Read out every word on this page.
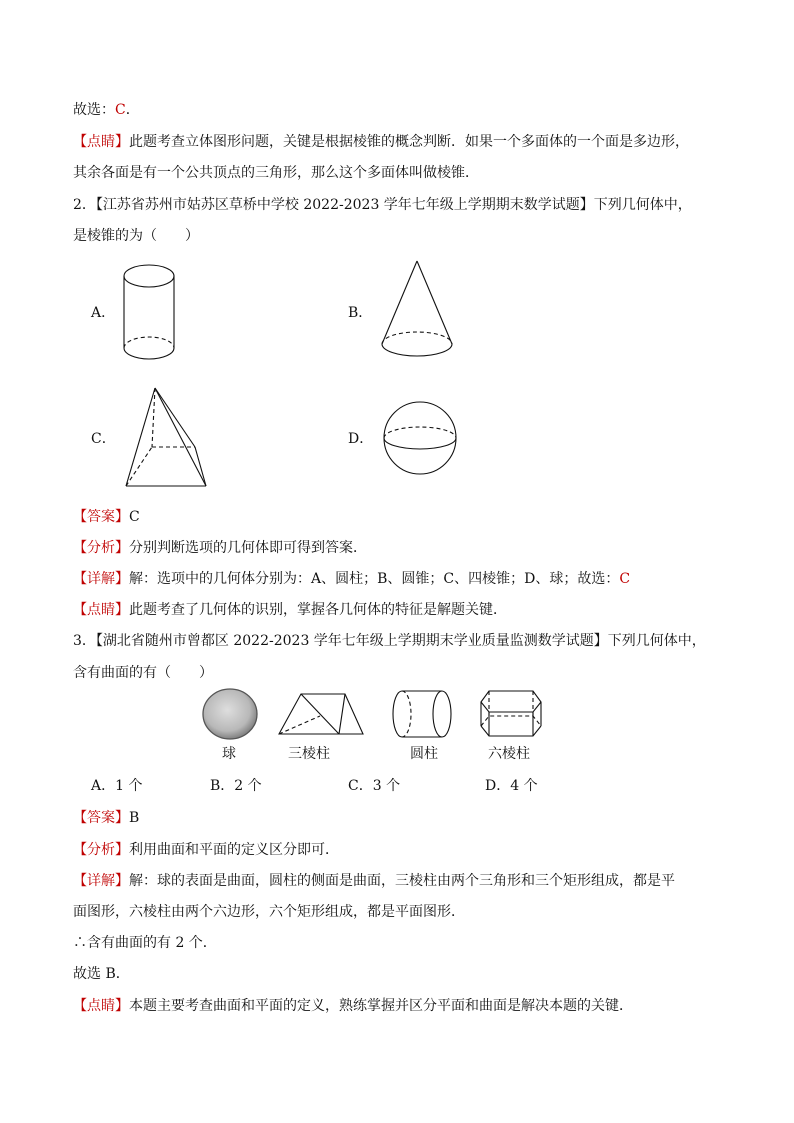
故选：C．
【点睛】此题考查立体图形问题，关键是根据棱锥的概念判断．如果一个多面体的一个面是多边形，
其余各面是有一个公共顶点的三角形，那么这个多面体叫做棱锥．
2．【江苏省苏州市姑苏区草桥中学校 2022-2023 学年七年级上学期期末数学试题】下列几何体中，
是棱锥的为（　　）
A．	B．
C．	D．
【答案】C
【分析】分别判断选项的几何体即可得到答案．
【详解】解：选项中的几何体分别为：A、圆柱；B、圆锥；C、四棱锥；D、球；故选：C
【点睛】此题考查了几何体的识别，掌握各几何体的特征是解题关键．
3．【湖北省随州市曾都区 2022-2023 学年七年级上学期期末学业质量监测数学试题】下列几何体中，
含有曲面的有（　　）
球	三棱柱	圆柱	六棱柱
A．1 个	B．2 个	C．3 个	D．4 个
【答案】B
【分析】利用曲面和平面的定义区分即可．
【详解】解：球的表面是曲面，圆柱的侧面是曲面，三棱柱由两个三角形和三个矩形组成，都是平
面图形，六棱柱由两个六边形，六个矩形组成，都是平面图形．
∴含有曲面的有 2 个．
故选 B．
【点睛】本题主要考查曲面和平面的定义，熟练掌握并区分平面和曲面是解决本题的关键．
